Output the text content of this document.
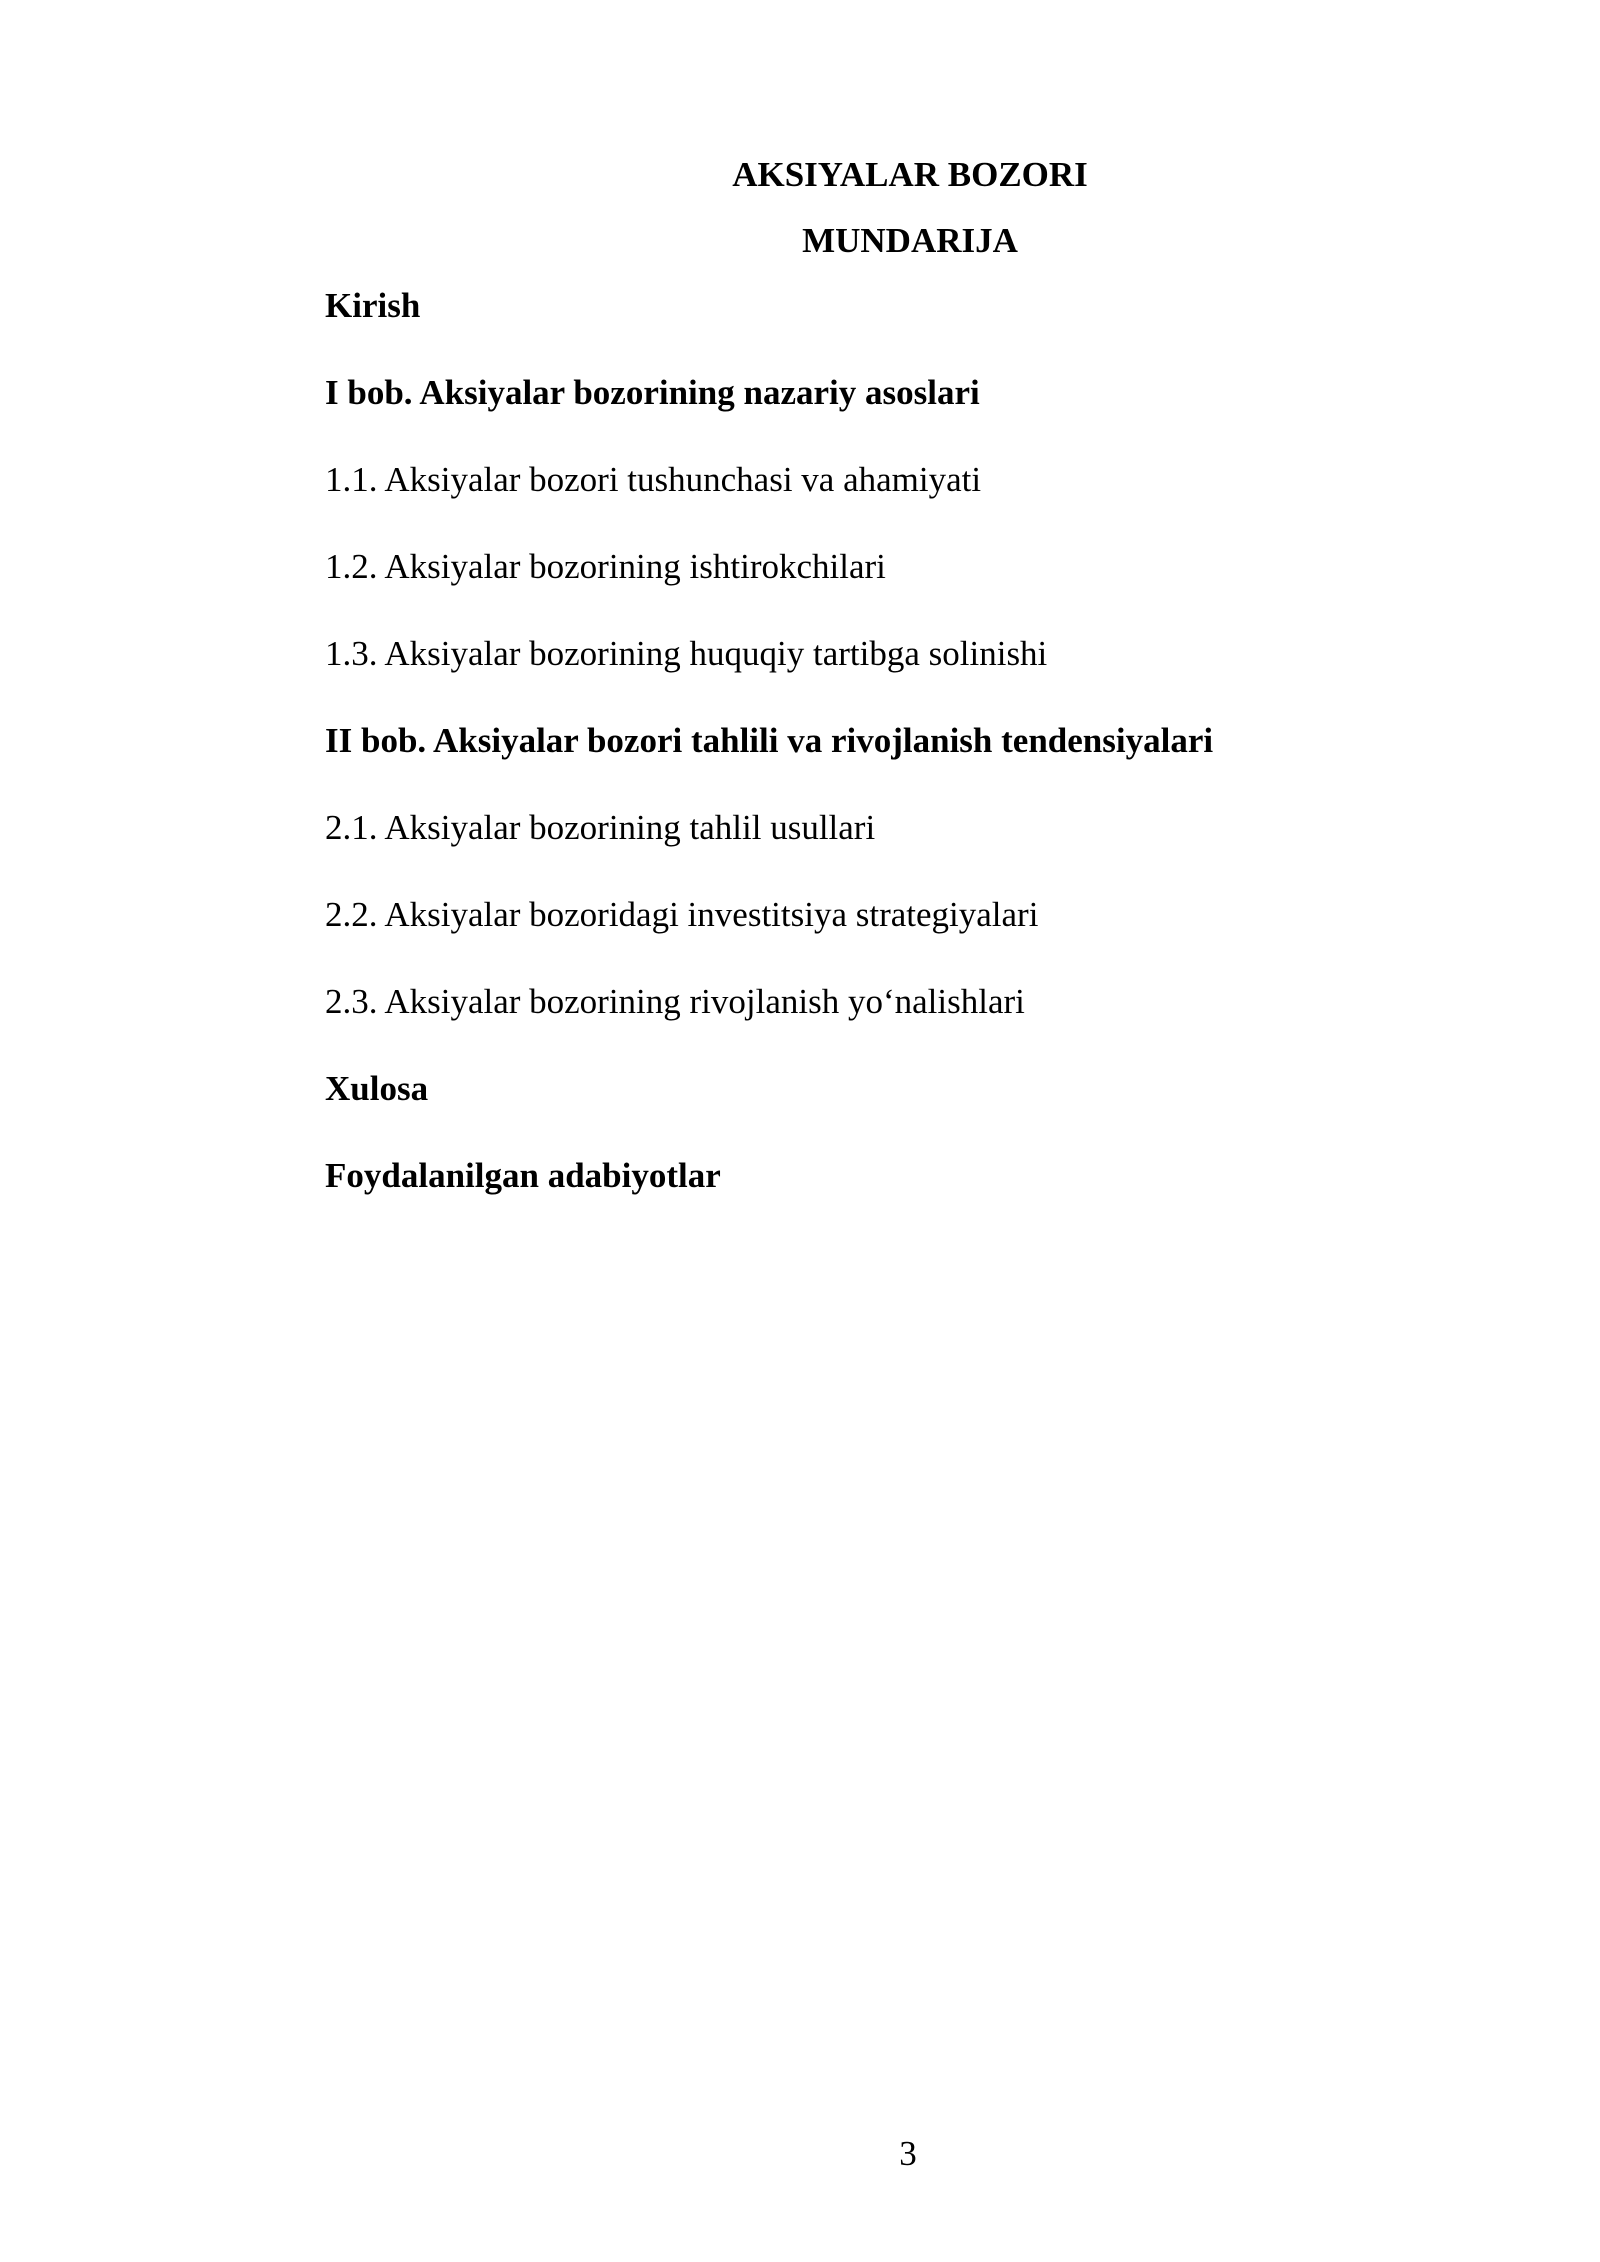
AKSIYALAR BOZORI
MUNDARIJA
Kirish
I bob. Aksiyalar bozorining nazariy asoslari
1.1. Aksiyalar bozori tushunchasi va ahamiyati
1.2. Aksiyalar bozorining ishtirokchilari
1.3. Aksiyalar bozorining huquqiy tartibga solinishi
II bob. Aksiyalar bozori tahlili va rivojlanish tendensiyalari
2.1. Aksiyalar bozorining tahlil usullari
2.2. Aksiyalar bozoridagi investitsiya strategiyalari
2.3. Aksiyalar bozorining rivojlanish yo‘nalishlari
Xulosa
Foydalanilgan adabiyotlar
3
